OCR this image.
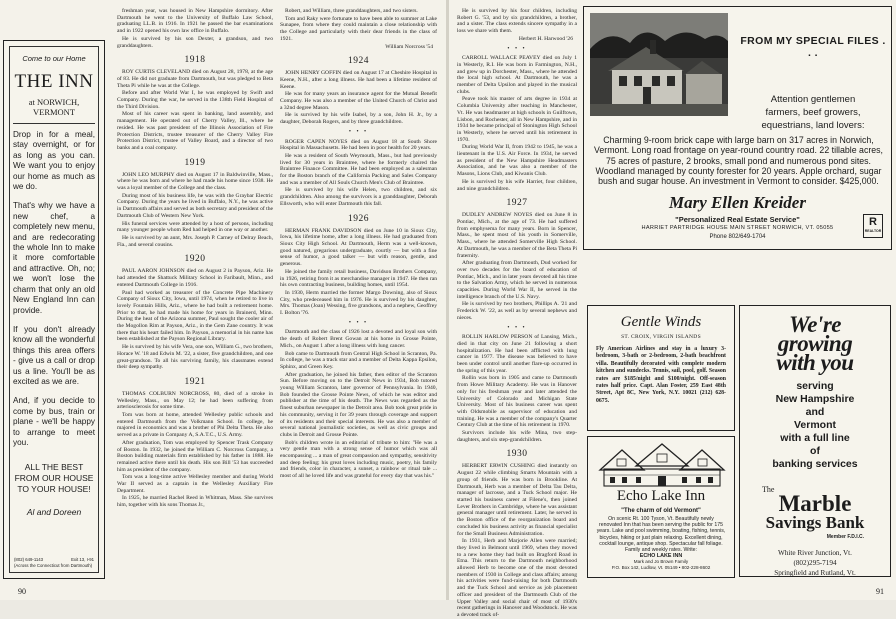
Come to our Home
THE INN
at NORWICH, VERMONT

Drop in for a meal, stay overnight, or for as long as you can. We want you to enjoy our home as much as we do.

That's why we have a new chef, a completely new menu, and are redecorating the whole Inn to make it more comfortable and attractive. Oh, no; we won't lose the charm that only an old New England Inn can provide.

If you don't already know all the wonderful things this area offers - give us a call or drop us a line. You'll be as excited as we are.

And, if you decide to come by bus, train or plane - we'll be happy to arrange to meet you.

ALL THE BEST
FROM OUR HOUSE
TO YOUR HOUSE!
Al and Doreen
(802) 649-1143	Exit 13, I-91
(Across the Connecticut from Dartmouth)

freshman year, was housed in New Hampshire dormitory. After Dartmouth he went to the University of Buffalo Law School, graduating LL.B. in 1916. In 1921 he passed the bar examinations and in 1922 opened his own law office in Buffalo.

He is survived by his son Dexter, a grandson, and two granddaughters.

1918

ROY CURTIS CLEVELAND died on August 28, 1978, at the age of 83. He did not graduate from Dartmouth, but was pledged to Beta Theta Pi while he was at the College.

Before and after World War I, he was employed by Swift and Company. During the war, he served in the 138th Field Hospital of the Third Division.

Most of his career was spent in banking, land assembly, and management. He operated out of Cherry Valley, Ill., where he resided. He was past president of the Illinois Association of Fire Protection Districts, trustee treasurer of the Cherry Valley Fire Protection District, trustee of Valley Board, and a director of two banks and a coal company.

1919

JOHN LEO MURPHY died on August 17 in Baldwinville, Mass., where he was born and where he had made his home since 1938. He was a loyal member of the College and the class.

During most of his business life, he was with the Graybar Electric Company. During the years he lived in Buffalo, N.Y., he was active in Dartmouth affairs and served as both secretary and president of the Dartmouth Club of Western New York.

His funeral services were attended by a host of persons, including many younger people whom Red had helped in one way or another.

He is survived by an aunt, Mrs. Joseph P. Carney of Delray Beach, Fla., and several cousins.

1920

PAUL AARON JOHNSON died on August 2 in Payson, Ariz. He had attended the Shattuck Military School in Faribault, Minn., and entered Dartmouth College in 1916.

Paul had worked as treasurer of the Concrete Pipe Machinery Company of Sioux City, Iowa, until 1974, when he retired to live in lovely Fountain Hills, Ariz., where he had built a retirement home. Prior to that, he had made his home for years in Brainerd, Minn. During the heat of the Arizona summer, Paul sought the cooler air of the Mogollon Rim at Payson, Ariz., in the Gem Zane country. It was there that his heart failed him. In Payson, a memorial in his name has been established at the Payson Regional Library.

He is survived by his wife Vera, one son, William G., two brothers, Horace W. '18 and Edwin M. '22, a sister, five grandchildren, and one great-grandson. To all his surviving family, his classmates extend their deep sympathy.

1921

THOMAS COLBURN NORCROSS, 80, died of a stroke in Wellesley, Mass., on May 12; he had been suffering from arteriosclerosis for some time.

Tom was born at home, attended Wellesley public schools and entered Dartmouth from the Volkmann School. In college, he majored in economics and was a brother of Phi Delta Theta. He also served as a private in Company A, S.A.T.C., U.S. Army.

After graduation, Tom was employed by Spencer Trask Company of Boston. In 1932, he joined the William C. Norcross Company, a Boston building materials firm established by his father in 1888. He remained active there until his death. His son Bill '53 has succeeded him as president of the company.

Tom was a long-time active Wellesley member and during World War II served as a captain in the Wellesley Auxiliary Fire Department.

In 1925, he married Rachel Reed in Whitman, Mass. She survives him, together with his sons Thomas Jr.,

Robert, and William, three granddaughters, and two sisters.

Tom and Raky were fortunate to have been able to summer at Lake Sunapee, from where they could maintain a close relationship with the College and particularly with their dear friends in the class of 1921.

William Norcross '54
1924

JOHN HENRY GOFFIN died on August 17 at Cheshire Hospital in Keene, N.H., after a long illness. He had been a lifetime resident of Keene.

He was for many years an insurance agent for the Mutual Benefit Company. He was also a member of the United Church of Christ and a 32nd degree Mason.

He is survived by his wife Isabel, by a son, John H. Jr., by a daughter, Deborah Rogers, and by three grandchildren.

• • •

ROGER CAPEN NOYES died on August 18 at South Shore Hospital in Massachusetts. He had been in poor health for 20 years.

He was a resident of South Weymouth, Mass., but had previously lived for 30 years in Braintree, where he formerly chaired the Braintree Finance Committee. He had been employed as a salesman for the Boston branch of the California Packing and Sales Company and was a member of All Souls Church Men's Club of Braintree.

He is survived by his wife Helen, two children, and six grandchildren. Also among the survivors is a granddaughter, Deborah Ellsworth, who will enter Dartmouth this fall.

1926

HERMAN FRANK DAVIDSON died on June 10 in Sioux City, Iowa, his lifetime home, after a long illness. He had graduated from Sioux City High School. At Dartmouth, Herm was a well-known, good natured, gregarious undergraduate, courtly — but with a fine sense of humor, a good talker — but with reason, gentle, and generous.

He joined the family retail business, Davidson Brothers Company, in 1926, retiring from it as merchandise manager in 1947. He then ran his own contracting business, building homes, until 1954.

In 1930, Herm married the former Margo Downing, also of Sioux City, who predeceased him in 1976. He is survived by his daughter, Mrs. Thomas (Joan) Wessing, five grandsons, and a nephew, Geoffrey I. Bolton '76.

• • •

Dartmouth and the class of 1926 lost a devoted and loyal son with the death of Robert Brent Gowan at his home in Grosse Pointe, Mich., on August 1 after a long illness with lung cancer.

Bob came to Dartmouth from Central High School in Scranton, Pa. In college, he was a track star and a member of Delta Kappa Epsilon, Sphinx, and Green Key.

After graduation, he joined his father, then editor of the Scranton Sun. Before moving on to the Detroit News in 1934, Bob tutored young William Scranton, later governor of Pennsylvania. In 1940, Bob founded the Grosse Pointe News, of which he was editor and publisher at the time of his death. The News was regarded as the finest suburban newspaper in the Detroit area. Bob took great pride in his community, serving it for 39 years through coverage and support of its residents and their special interests. He was also a member of several national journalistic societies, as well as civic groups and clubs in Detroit and Grosse Pointe.

Bob's children wrote in an editorial of tribute to him: "He was a very gentle man with a strong sense of humor which was all encompassing ... a man of great compassion and sympathy, sensitivity and deep feeling; his great loves including music, poetry, his family and friends, color in character, a sunset, a rainbow or ritual tale ... most of all he loved life and was grateful for every day that was his."

90

He is survived by his four children, including Robert G. '53, and by six grandchildren, a brother, and a sister. The class extends sincere sympathy in a loss we share with them.

Herbert H. Harwood '26
• • •

CARROLL WALLACE PEAVEY died on July 1 in Westerly, R.I. He was born in Farmington, N.H., and grew up in Dorchester, Mass., where he attended the local high school. At Dartmouth, he was a member of Delta Upsilon and played in the musical clubs.

Peave took his master of arts degree in 1934 at Columbia University after teaching in Manchester, Vt. He was headmaster at high schools in Guilftown, Lisbon, and Rochester, all in New Hampshire, and in 1934 he became principal of Stonington High School in Westerly, where he served until his retirement in 1970.

During World War II, from 1942 to 1945, he was a lieutenant in the U.S. Air Force. In 1934, he served as president of the New Hampshire Headmasters Association, and he was also a member of the Masons, Lions Club, and Kiwanis Club.

He is survived by his wife Harriet, four children, and nine grandchildren.

1927

DUDLEY ANDREW NOYES died on June 8 in Pontiac, Mich., at the age of 73. He had suffered from emphysema for many years. Born in Spencer, Mass., he spent most of his youth in Somerville, Mass., where he attended Somerville High School. At Dartmouth, he was a member of the Beta Theta Pi fraternity.

After graduating from Dartmouth, Dud worked for over two decades for the board of education of Pontiac, Mich., and in later years devoted all his time to the Salvation Army, which he served in numerous capacities. During World War II, he served in the intelligence branch of the U.S. Navy.

He is survived by two brothers, Phillips A. '21 and Frederick W. '22, as well as by several nephews and nieces.

• • •

ROLLIN HARLOW PERSON of Lansing, Mich., died in that city on June 21 following a short hospitalization. He had been afflicted with lung cancer in 1977. The disease was believed to have been under control until another flare-up occurred in the spring of this year.

Rollin was born in 1905 and came to Dartmouth from Howe Military Academy. He was in Hanover only for his freshman year and later attended the University of Colorado and Michigan State University. Most of his business career was spent with Oldsmobile as supervisor of education and training. He was a member of the company's Quarter Century Club at the time of his retirement in 1970.

Survivors include his wife Mina, two step-daughters, and six step-grandchildren.

1930

HERBERT ERWIN CUSHING died instantly on August 22 while climbing Smarts Mountain with a group of friends. He was born in Brookline. At Dartmouth, Herb was a member of Delta Tau Delta, manager of lacrosse, and a Tuck School major. He started his business career at Filene's, then joined Lever Brothers in Cambridge, where he was assistant general manager until retirement. Later, he served in the Boston office of the reorganization board and concluded his business activity as financial specialist for the Small Business Administration.

In 1931, Herb and Marjorie Allen were married; they lived in Belmont until 1969, when they moved to a new home they had built on Bragford Road in Etna. This return to the Dartmouth neighborhood allowed Herb to become one of the most devoted members of 1930 in College and class affairs; among his activities were fund-raising for both Dartmouth and the Tuck School and service as job placement officer and president of the Dartmouth Club of the Upper Valley and social chair of most of 1930's recent gatherings in Hanover and Woodstock. He was a devoted track of-

FROM MY SPECIAL FILES . . .
Attention gentlemen
farmers, beef growers,
equestrians, land lovers:
Charming 9-room brick cape with large barn on 317 acres in Norwich, Vermont. Long road frontage on year-round country road. 22 tillable acres, 75 acres of pasture, 2 brooks, small pond and numerous pond sites. Woodland managed by county forester for 20 years. Apple orchard, sugar bush and sugar house. An investment in Vermont to consider. $425,000.
Mary Ellen Kreider
"Personalized Real Estate Service"
HARRIET PARTRIDGE HOUSE MAIN STREET NORWICH, VT. 05055
Phone 802/649-1704
R
REALTOR
Gentle Winds
ST. CROIX, VIRGIN ISLANDS
Fly American Airlines and stay in a luxury 3-bedroom, 3-bath or 2-bedroom, 2-bath beachfront villa. Beautifully decorated with complete modern kitchen and sundecks. Tennis, sail, pool, golf. Season rates are $185/night and $100/night. Off-season rates half price. Capt. Alan Foster, 259 East 48th Street, Apt 8C, New York, N.Y. 10021 (212) 628-0675.
Echo Lake Inn
"The charm of old Vermont"
On scenic Rt. 100 Tyson, Vt. Beautifully newly renovated Inn that has been serving the public for 175 years. Lake and pool swimming, boating, fishing, tennis, bicycles, hiking or just plain relaxing. Excellent dining, cocktail lounge, antique shop. Spectacular fall foliage. Family and weekly rates. Write:
ECHO LAKE INN
Mark and Jo Brown Family
P.O. Box 142, Ludlow, Vt. 05149 • 802-228-8602
We're
growing
with you
serving
New Hampshire
and
Vermont
with a full line
of
banking services
The
Marble
Savings Bank
Member F.D.I.C.
White River Junction, Vt.
(802)295-7194
Springfield and Rutland, Vt.
91
